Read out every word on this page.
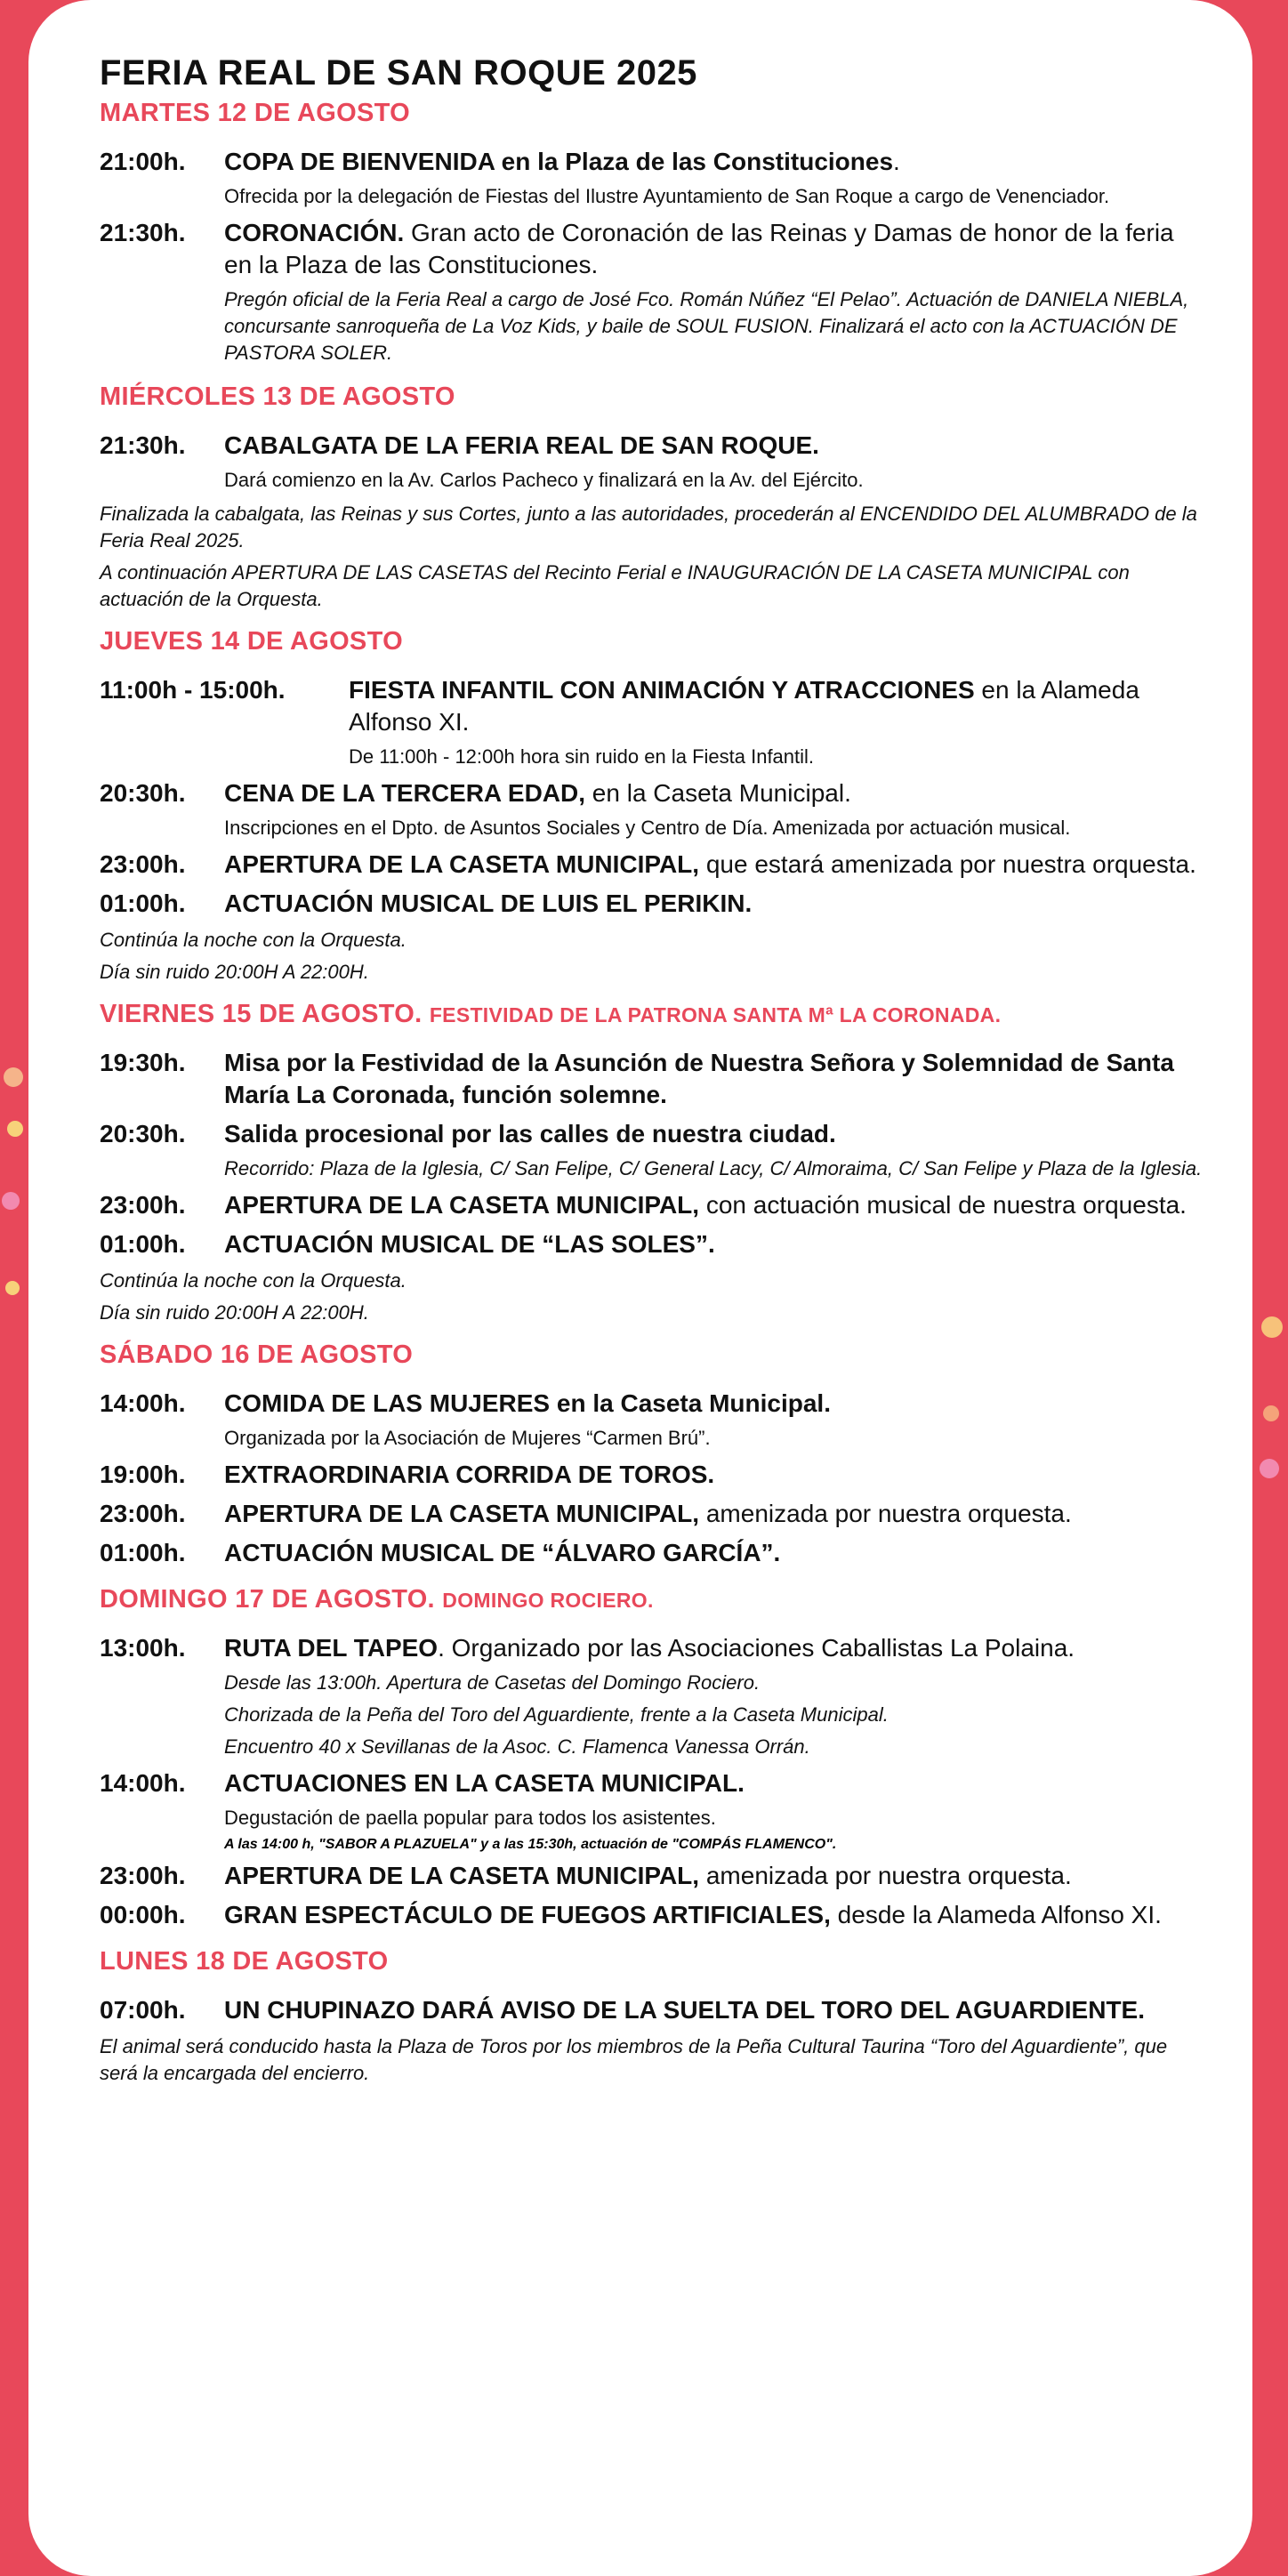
FERIA REAL DE SAN ROQUE 2025
MARTES 12 DE AGOSTO
21:00h.	COPA DE BIENVENIDA en la Plaza de las Constituciones.
Ofrecida por la delegación de Fiestas del Ilustre Ayuntamiento de San Roque a cargo de Venenciador.
21:30h.	CORONACIÓN. Gran acto de Coronación de las Reinas y Damas de honor de la feria en la Plaza de las Constituciones.
Pregón oficial de la Feria Real a cargo de José Fco. Román Núñez “El Pelao”. Actuación de DANIELA NIEBLA, concursante sanroqueña de La Voz Kids, y baile de SOUL FUSION. Finalizará el acto con la ACTUACIÓN DE PASTORA SOLER.
MIÉRCOLES 13 DE AGOSTO
21:30h.	CABALGATA DE LA FERIA REAL DE SAN ROQUE.
Dará comienzo en la Av. Carlos Pacheco y finalizará en la Av. del Ejército.
Finalizada la cabalgata, las Reinas y sus Cortes, junto a las autoridades, procederán al ENCENDIDO DEL ALUMBRADO de la Feria Real 2025.
A continuación APERTURA DE LAS CASETAS del Recinto Ferial e INAUGURACIÓN DE LA CASETA MUNICIPAL con actuación de la Orquesta.
JUEVES 14 DE AGOSTO
11:00h - 15:00h.	FIESTA INFANTIL CON ANIMACIÓN Y ATRACCIONES en la Alameda Alfonso XI.
De 11:00h - 12:00h hora sin ruido en la Fiesta Infantil.
20:30h.	CENA DE LA TERCERA EDAD, en la Caseta Municipal.
Inscripciones en el Dpto. de Asuntos Sociales y Centro de Día. Amenizada por actuación musical.
23:00h.	APERTURA DE LA CASETA MUNICIPAL, que estará amenizada por nuestra orquesta.
01:00h.	ACTUACIÓN MUSICAL DE LUIS EL PERIKIN.
Continúa la noche con la Orquesta.
Día sin ruido 20:00H A 22:00H.
VIERNES 15 DE AGOSTO. FESTIVIDAD DE LA PATRONA SANTA Mª LA CORONADA.
19:30h.	Misa por la Festividad de la Asunción de Nuestra Señora y Solemnidad de Santa María La Coronada, función solemne.
20:30h.	Salida procesional por las calles de nuestra ciudad.
Recorrido: Plaza de la Iglesia, C/ San Felipe, C/ General Lacy, C/ Almoraima, C/ San Felipe y Plaza de la Iglesia.
23:00h.	APERTURA DE LA CASETA MUNICIPAL, con actuación musical de nuestra orquesta.
01:00h.	ACTUACIÓN MUSICAL DE “LAS SOLES”.
Continúa la noche con la Orquesta.
Día sin ruido 20:00H A 22:00H.
SÁBADO 16 DE AGOSTO
14:00h.	COMIDA DE LAS MUJERES en la Caseta Municipal.
Organizada por la Asociación de Mujeres “Carmen Brú”.
19:00h.	EXTRAORDINARIA CORRIDA DE TOROS.
23:00h.	APERTURA DE LA CASETA MUNICIPAL, amenizada por nuestra orquesta.
01:00h.	ACTUACIÓN MUSICAL DE “ÁLVARO GARCÍA”.
DOMINGO 17 DE AGOSTO. DOMINGO ROCIERO.
13:00h.	RUTA DEL TAPEO. Organizado por las Asociaciones Caballistas La Polaina.
Desde las 13:00h. Apertura de Casetas del Domingo Rociero.
Chorizada de la Peña del Toro del Aguardiente, frente a la Caseta Municipal.
Encuentro 40 x Sevillanas de la Asoc. C. Flamenca Vanessa Orrán.
14:00h.	ACTUACIONES EN LA CASETA MUNICIPAL.
Degustación de paella popular para todos los asistentes.
A las 14:00 h, "SABOR A PLAZUELA" y a las 15:30h, actuación de "COMPÁS FLAMENCO".
23:00h.	APERTURA DE LA CASETA MUNICIPAL, amenizada por nuestra orquesta.
00:00h.	GRAN ESPECTÁCULO DE FUEGOS ARTIFICIALES, desde la Alameda Alfonso XI.
LUNES 18 DE AGOSTO
07:00h.	UN CHUPINAZO DARÁ AVISO DE LA SUELTA DEL TORO DEL AGUARDIENTE.
El animal será conducido hasta la Plaza de Toros por los miembros de la Peña Cultural Taurina “Toro del Aguardiente”, que será la encargada del encierro.
